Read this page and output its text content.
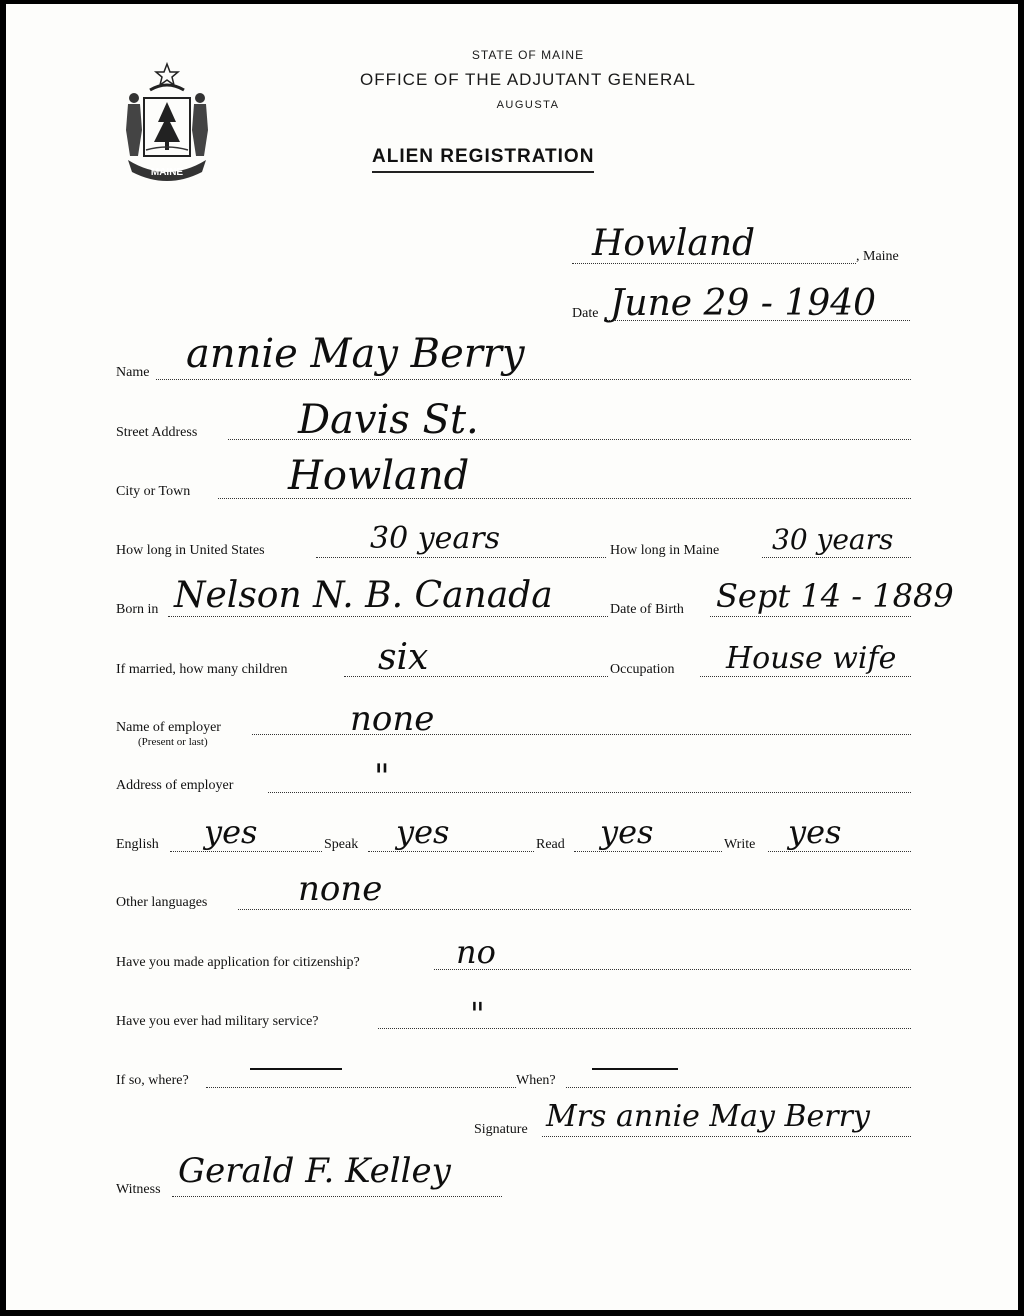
MAINE
STATE OF MAINE
OFFICE OF THE ADJUTANT GENERAL
AUGUSTA
ALIEN REGISTRATION
, Maine
Howland
Date June 29 - 1940
Name annie May Berry
Street Address	Davis St.
City or Town Howland
How long in United States	30 years	How long in Maine 30 years
Born in Nelson N. B. Canada	Date of Birth Sept 14 - 1889
If married, how many children	six	Occupation House wife
Name of employer
(Present or last)
none
Address of employer	"
English yes	Speak yes	Read yes	Write yes
Other languages	none
Have you made application for citizenship?	no
Have you ever had military service?	"
If so, where?	When?
Signature Mrs annie May Berry
Witness Gerald F. Kelley
